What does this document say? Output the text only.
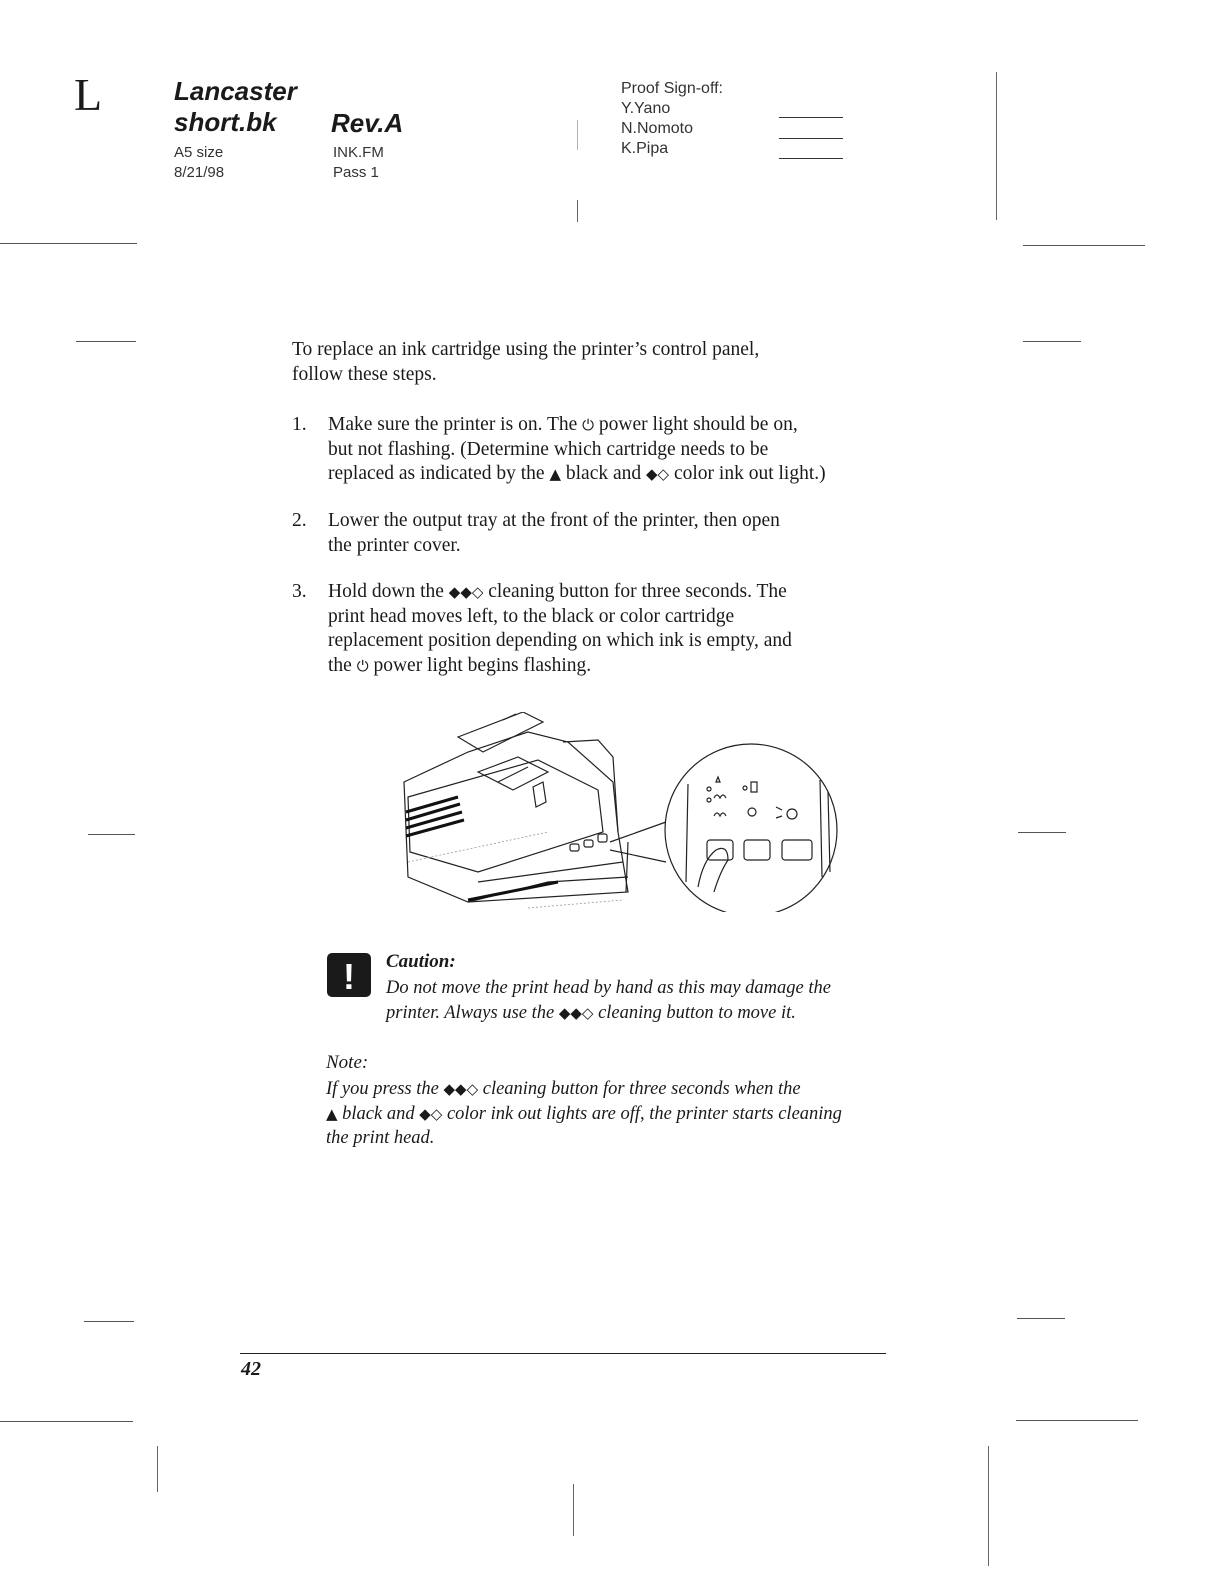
L	Lancaster
short.bk	Rev.A
A5 size
8/21/98
INK.FM
Pass 1
Proof Sign-off:
Y.Yano
N.Nomoto
K.Pipa
To replace an ink cartridge using the printer’s control panel,
follow these steps.
1. Make sure the printer is on. The ⏻ power light should be on,
but not flashing. (Determine which cartridge needs to be
replaced as indicated by the ▲ black and ◆◇ color ink out light.)
2. Lower the output tray at the front of the printer, then open
the printer cover.
3. Hold down the ◆◆◇ cleaning button for three seconds. The
print head moves left, to the black or color cartridge
replacement position depending on which ink is empty, and
the ⏻ power light begins flashing.
!	Caution:
Do not move the print head by hand as this may damage the
printer. Always use the ◆◆◇ cleaning button to move it.
Note:
If you press the ◆◆◇ cleaning button for three seconds when the
▲ black and ◆◇ color ink out lights are off, the printer starts cleaning
the print head.
42
